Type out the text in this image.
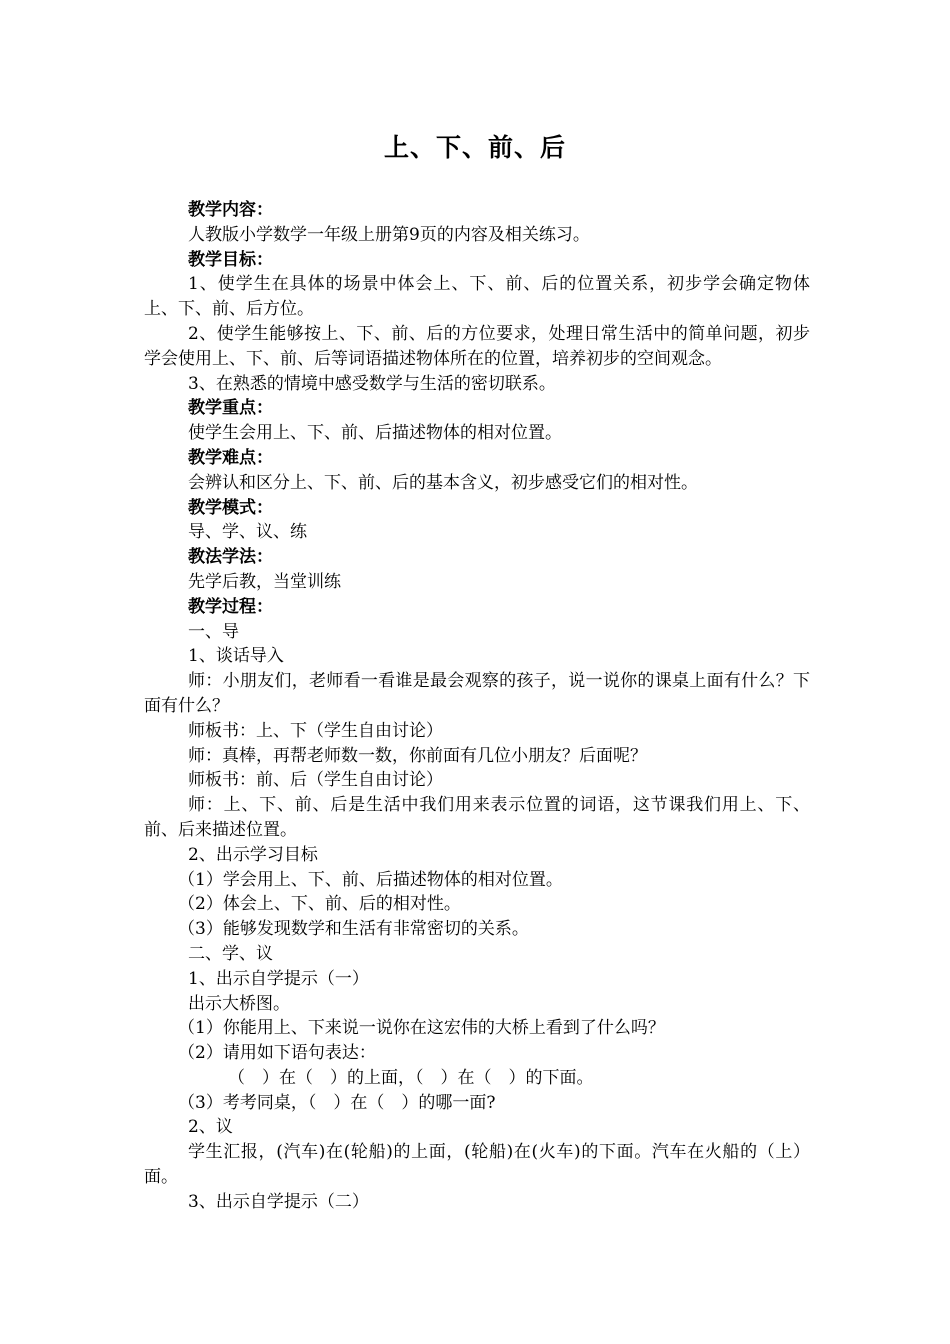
上、下、前、后

教学内容：

人教版小学数学一年级上册第9页的内容及相关练习。

教学目标：

1、使学生在具体的场景中体会上、下、前、后的位置关系，初步学会确定物体上、下、前、后方位。

2、使学生能够按上、下、前、后的方位要求，处理日常生活中的简单问题，初步学会使用上、下、前、后等词语描述物体所在的位置，培养初步的空间观念。

3、在熟悉的情境中感受数学与生活的密切联系。

教学重点：

使学生会用上、下、前、后描述物体的相对位置。

教学难点：

会辨认和区分上、下、前、后的基本含义，初步感受它们的相对性。

教学模式：

导、学、议、练

教法学法：

先学后教，当堂训练

教学过程：

一、导

1、谈话导入

师：小朋友们，老师看一看谁是最会观察的孩子，说一说你的课桌上面有什么？下面有什么？

师板书：上、下（学生自由讨论）

师：真棒，再帮老师数一数，你前面有几位小朋友？后面呢？

师板书：前、后（学生自由讨论）

师：上、下、前、后是生活中我们用来表示位置的词语，这节课我们用上、下、前、后来描述位置。

2、出示学习目标

（1）学会用上、下、前、后描述物体的相对位置。

（2）体会上、下、前、后的相对性。

（3）能够发现数学和生活有非常密切的关系。

二、学、议

1、出示自学提示（一）

出示大桥图。

（1）你能用上、下来说一说你在这宏伟的大桥上看到了什么吗？

（2）请用如下语句表达：

（　）在（　）的上面，（　）在（　）的下面。

（3）考考同桌，（　）在（　）的哪一面?

2、议

学生汇报，(汽车)在(轮船)的上面，(轮船)在(火车)的下面。汽车在火船的（上）面。

3、出示自学提示（二）
